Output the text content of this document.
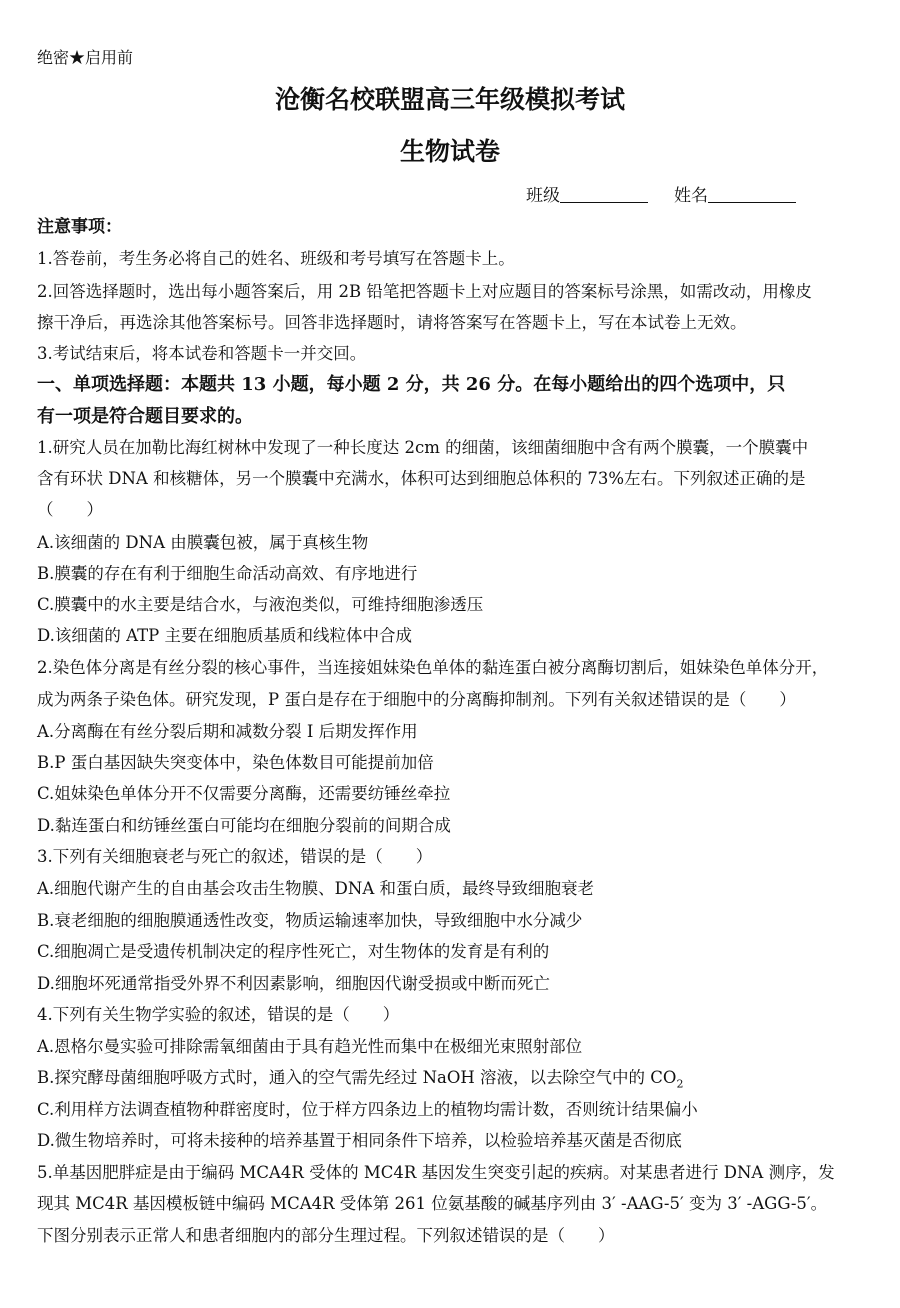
绝密★启用前
沧衡名校联盟高三年级模拟考试
生物试卷
班级	姓名
注意事项：
1.答卷前，考生务必将自己的姓名、班级和考号填写在答题卡上。
2.回答选择题时，选出每小题答案后，用 2B 铅笔把答题卡上对应题目的答案标号涂黑，如需改动，用橡皮
擦干净后，再选涂其他答案标号。回答非选择题时，请将答案写在答题卡上，写在本试卷上无效。
3.考试结束后，将本试卷和答题卡一并交回。
一、单项选择题：本题共 13 小题，每小题 2 分，共 26 分。在每小题给出的四个选项中，只
有一项是符合题目要求的。
1.研究人员在加勒比海红树林中发现了一种长度达 2cm 的细菌，该细菌细胞中含有两个膜囊，一个膜囊中
含有环状 DNA 和核糖体，另一个膜囊中充满水，体积可达到细胞总体积的 73%左右。下列叙述正确的是
（　　）
A.该细菌的 DNA 由膜囊包被，属于真核生物
B.膜囊的存在有利于细胞生命活动高效、有序地进行
C.膜囊中的水主要是结合水，与液泡类似，可维持细胞渗透压
D.该细菌的 ATP 主要在细胞质基质和线粒体中合成
2.染色体分离是有丝分裂的核心事件，当连接姐妹染色单体的黏连蛋白被分离酶切割后，姐妹染色单体分开，
成为两条子染色体。研究发现，P 蛋白是存在于细胞中的分离酶抑制剂。下列有关叙述错误的是（　　）
A.分离酶在有丝分裂后期和减数分裂 I 后期发挥作用
B.P 蛋白基因缺失突变体中，染色体数目可能提前加倍
C.姐妹染色单体分开不仅需要分离酶，还需要纺锤丝牵拉
D.黏连蛋白和纺锤丝蛋白可能均在细胞分裂前的间期合成
3.下列有关细胞衰老与死亡的叙述，错误的是（　　）
A.细胞代谢产生的自由基会攻击生物膜、DNA 和蛋白质，最终导致细胞衰老
B.衰老细胞的细胞膜通透性改变，物质运输速率加快，导致细胞中水分减少
C.细胞凋亡是受遗传机制决定的程序性死亡，对生物体的发育是有利的
D.细胞坏死通常指受外界不利因素影响，细胞因代谢受损或中断而死亡
4.下列有关生物学实验的叙述，错误的是（　　）
A.恩格尔曼实验可排除需氧细菌由于具有趋光性而集中在极细光束照射部位
B.探究酵母菌细胞呼吸方式时，通入的空气需先经过 NaOH 溶液，以去除空气中的 $CO_2$
C.利用样方法调查植物种群密度时，位于样方四条边上的植物均需计数，否则统计结果偏小
D.微生物培养时，可将未接种的培养基置于相同条件下培养，以检验培养基灭菌是否彻底
5.单基因肥胖症是由于编码 MCA4R 受体的 MC4R 基因发生突变引起的疾病。对某患者进行 DNA 测序，发
现其 MC4R 基因模板链中编码 MCA4R 受体第 261 位氨基酸的碱基序列由 3′ -AAG-5′ 变为 3′ -AGG-5′。
下图分别表示正常人和患者细胞内的部分生理过程。下列叙述错误的是（　　）
